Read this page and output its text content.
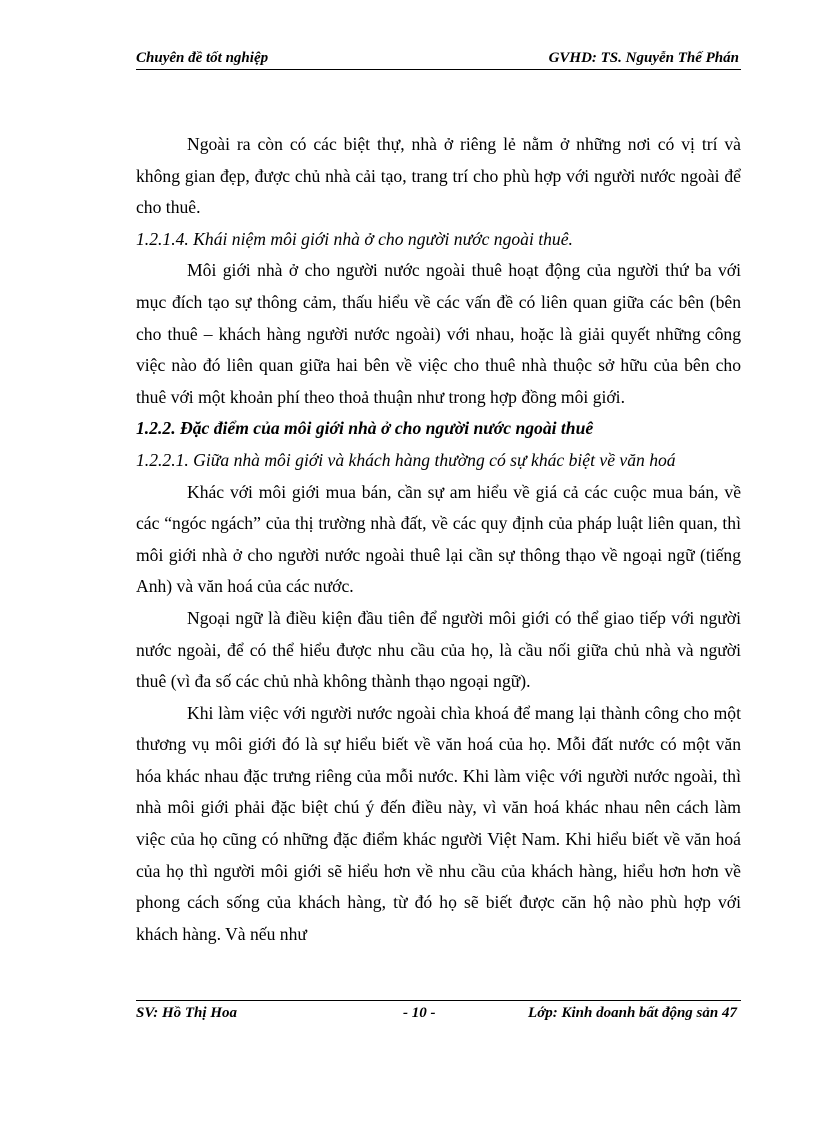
Chuyên đề tốt nghiệp	GVHD: TS. Nguyễn Thế Phán

Ngoài ra còn có các biệt thự, nhà ở riêng lẻ nằm ở những nơi có vị trí và không gian đẹp, được chủ nhà cải tạo, trang trí cho phù hợp với người nước ngoài để cho thuê.

1.2.1.4. Khái niệm môi giới nhà ở cho người nước ngoài thuê.

Môi giới nhà ở cho người nước ngoài thuê hoạt động của người thứ ba với mục đích tạo sự thông cảm, thấu hiểu về các vấn đề có liên quan giữa các bên (bên cho thuê – khách hàng người nước ngoài) với nhau, hoặc là giải quyết những công việc nào đó liên quan giữa hai bên về việc cho thuê nhà thuộc sở hữu của bên cho thuê với một khoản phí theo thoả thuận như trong hợp đồng môi giới.

1.2.2. Đặc điểm của môi giới nhà ở cho người nước ngoài thuê

1.2.2.1. Giữa nhà môi giới và khách hàng thường có sự khác biệt về văn hoá

Khác với môi giới mua bán, cần sự am hiểu về giá cả các cuộc mua bán, về các “ngóc ngách” của thị trường nhà đất, về các quy định của pháp luật liên quan, thì môi giới nhà ở cho người nước ngoài thuê lại cần sự thông thạo về ngoại ngữ (tiếng Anh) và văn hoá của các nước.

Ngoại ngữ là điều kiện đầu tiên để người môi giới có thể giao tiếp với người nước ngoài, để có thể hiểu được nhu cầu của họ, là cầu nối giữa chủ nhà và người thuê (vì đa số các chủ nhà không thành thạo ngoại ngữ).

Khi làm việc với người nước ngoài chìa khoá để mang lại thành công cho một thương vụ môi giới đó là sự hiểu biết về văn hoá của họ. Mỗi đất nước có một văn hóa khác nhau đặc trưng riêng của mỗi nước. Khi làm việc với người nước ngoài, thì nhà môi giới phải đặc biệt chú ý đến điều này, vì văn hoá khác nhau nên cách làm việc của họ cũng có những đặc điểm khác người Việt Nam. Khi hiểu biết về văn hoá của họ thì người môi giới sẽ hiểu hơn về nhu cầu của khách hàng, hiểu hơn hơn về phong cách sống của khách hàng, từ đó họ sẽ biết được căn hộ nào phù hợp với khách hàng. Và nếu như

SV: Hồ Thị Hoa	- 10 -	Lớp: Kinh doanh bất động sản 47
